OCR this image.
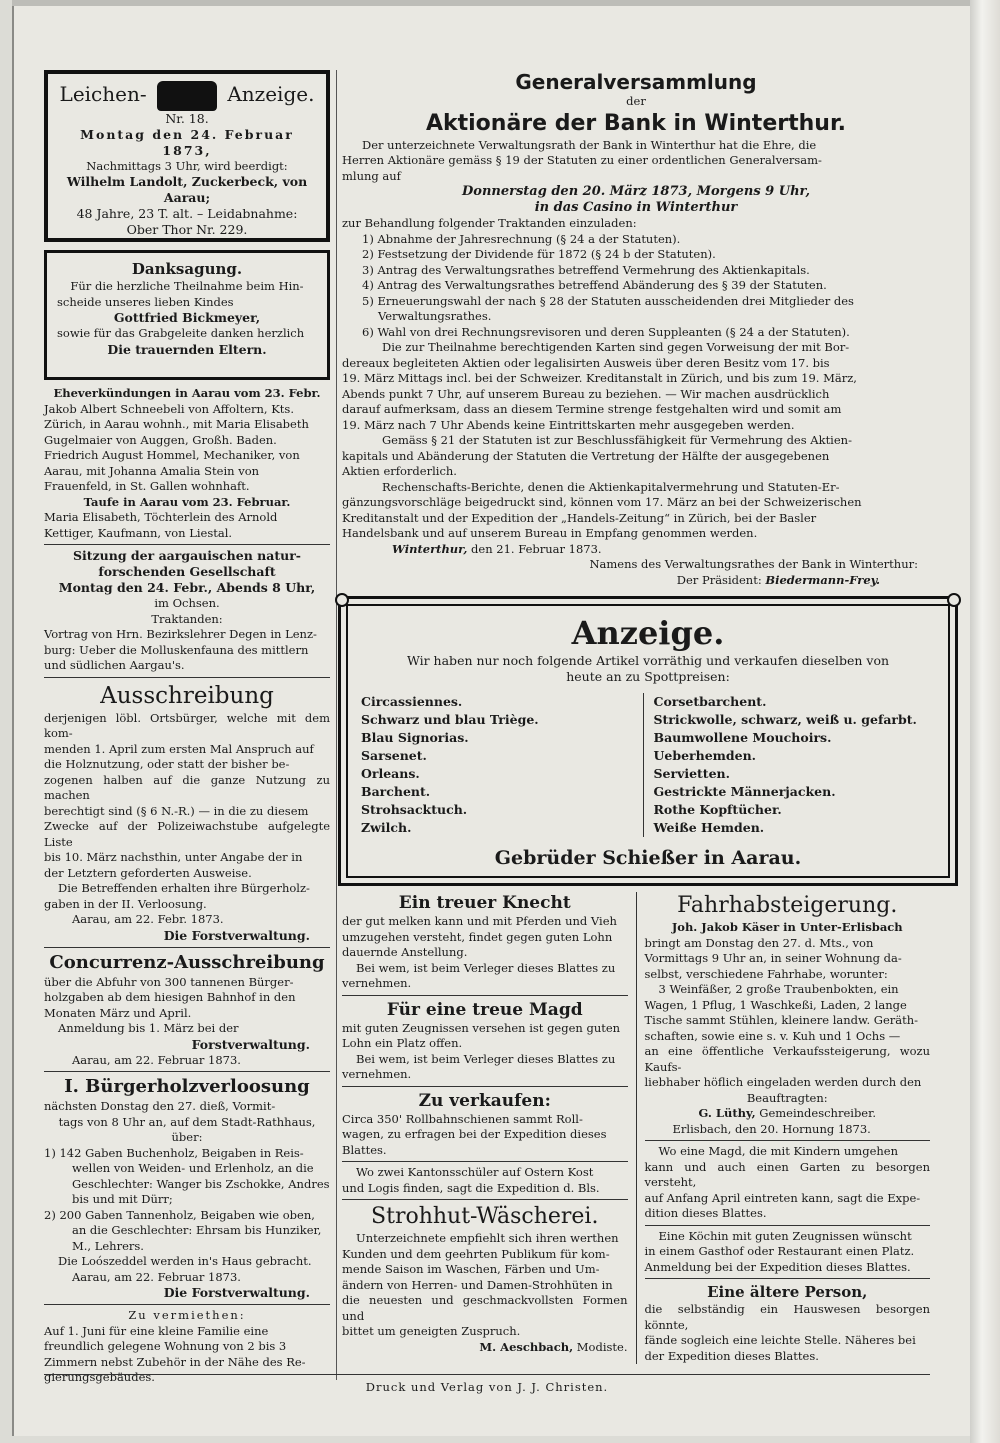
Leichen-	Anzeige.

Nr. 18.

Montag den 24. Februar 1873,

Nachmittags 3 Uhr, wird beerdigt:

Wilhelm Landolt, Zuckerbeck, von Aarau;

48 Jahre, 23 T. alt. – Leidabnahme:

Ober Thor Nr. 229.

Danksagung.

Für die herzliche Theilnahme beim Hin-

scheide unseres lieben Kindes

Gottfried Bickmeyer,

sowie für das Grabgeleite danken herzlich

Die trauernden Eltern.

Eheverkündungen in Aarau vom 23. Febr.

Jakob Albert Schneebeli von Affoltern, Kts.

Zürich, in Aarau wohnh., mit Maria Elisabeth

Gugelmaier von Auggen, Großh. Baden.

Friedrich August Hommel, Mechaniker, von

Aarau, mit Johanna Amalia Stein von

Frauenfeld, in St. Gallen wohnhaft.

Taufe in Aarau vom 23. Februar.

Maria Elisabeth, Töchterlein des Arnold

Kettiger, Kaufmann, von Liestal.

Sitzung der aargauischen natur-

forschenden Gesellschaft

Montag den 24. Febr., Abends 8 Uhr,

im Ochsen.

Traktanden:

Vortrag von Hrn. Bezirkslehrer Degen in Lenz-

burg: Ueber die Molluskenfauna des mittlern

und südlichen Aargau's.

Ausschreibung

derjenigen löbl. Ortsbürger, welche mit dem kom-

menden 1. April zum ersten Mal Anspruch auf

die Holznutzung, oder statt der bisher be-

zogenen halben auf die ganze Nutzung zu machen

berechtigt sind (§ 6 N.-R.) — in die zu diesem

Zwecke auf der Polizeiwachstube aufgelegte Liste

bis 10. März nachsthin, unter Angabe der in

der Letztern geforderten Ausweise.

Die Betreffenden erhalten ihre Bürgerholz-

gaben in der II. Verloosung.

Aarau, am 22. Febr. 1873.

Die Forstverwaltung.

Concurrenz-Ausschreibung

über die Abfuhr von 300 tannenen Bürger-

holzgaben ab dem hiesigen Bahnhof in den

Monaten März und April.

Anmeldung bis 1. März bei der

Forstverwaltung.

Aarau, am 22. Februar 1873.

I. Bürgerholzverloosung

nächsten Donstag den 27. dieß, Vormit-

tags von 8 Uhr an, auf dem Stadt-Rathhaus,

über:

1) 142 Gaben Buchenholz, Beigaben in Reis-

wellen von Weiden- und Erlenholz, an die

Geschlechter: Wanger bis Zschokke, Andres

bis und mit Dürr;

2) 200 Gaben Tannenholz, Beigaben wie oben,

an die Geschlechter: Ehrsam bis Hunziker,

M., Lehrers.

Die Loószeddel werden in's Haus gebracht.

Aarau, am 22. Februar 1873.

Die Forstverwaltung.

Zu vermiethen:

Auf 1. Juni für eine kleine Familie eine

freundlich gelegene Wohnung von 2 bis 3

Zimmern nebst Zubehör in der Nähe des Re-

gierungsgebäudes.

Generalversammlung

der

Aktionäre der Bank in Winterthur.

Der unterzeichnete Verwaltungsrath der Bank in Winterthur hat die Ehre, die

Herren Aktionäre gemäss § 19 der Statuten zu einer ordentlichen Generalversam-

mlung auf

Donnerstag den 20. März 1873, Morgens 9 Uhr,

in das Casino in Winterthur

zur Behandlung folgender Traktanden einzuladen:

1) Abnahme der Jahresrechnung (§ 24 a der Statuten).

2) Festsetzung der Dividende für 1872 (§ 24 b der Statuten).

3) Antrag des Verwaltungsrathes betreffend Vermehrung des Aktienkapitals.

4) Antrag des Verwaltungsrathes betreffend Abänderung des § 39 der Statuten.

5) Erneuerungswahl der nach § 28 der Statuten ausscheidenden drei Mitglieder des

Verwaltungsrathes.

6) Wahl von drei Rechnungsrevisoren und deren Suppleanten (§ 24 a der Statuten).

Die zur Theilnahme berechtigenden Karten sind gegen Vorweisung der mit Bor-

dereaux begleiteten Aktien oder legalisirten Ausweis über deren Besitz vom 17. bis

19. März Mittags incl. bei der Schweizer. Kreditanstalt in Zürich, und bis zum 19. März,

Abends punkt 7 Uhr, auf unserem Bureau zu beziehen. — Wir machen ausdrücklich

darauf aufmerksam, dass an diesem Termine strenge festgehalten wird und somit am

19. März nach 7 Uhr Abends keine Eintrittskarten mehr ausgegeben werden.

Gemäss § 21 der Statuten ist zur Beschlussfähigkeit für Vermehrung des Aktien-

kapitals und Abänderung der Statuten die Vertretung der Hälfte der ausgegebenen

Aktien erforderlich.

Rechenschafts-Berichte, denen die Aktienkapitalvermehrung und Statuten-Er-

gänzungsvorschläge beigedruckt sind, können vom 17. März an bei der Schweizerischen

Kreditanstalt und der Expedition der „Handels-Zeitung“ in Zürich, bei der Basler

Handelsbank und auf unserem Bureau in Empfang genommen werden.

Winterthur, den 21. Februar 1873.

Namens des Verwaltungsrathes der Bank in Winterthur:

Der Präsident: Biedermann-Frey.

Anzeige.

Wir haben nur noch folgende Artikel vorräthig und verkaufen dieselben von

heute an zu Spottpreisen:

Circassiennes.

Schwarz und blau Triège.

Blau Signorias.

Sarsenet.

Orleans.

Barchent.

Strohsacktuch.

Zwilch.

Corsetbarchent.

Strickwolle, schwarz, weiß u. gefarbt.

Baumwollene Mouchoirs.

Ueberhemden.

Servietten.

Gestrickte Männerjacken.

Rothe Kopftücher.

Weiße Hemden.

Gebrüder Schießer in Aarau.

Ein treuer Knecht

der gut melken kann und mit Pferden und Vieh

umzugehen versteht, findet gegen guten Lohn

dauernde Anstellung.

Bei wem, ist beim Verleger dieses Blattes zu

vernehmen.

Für eine treue Magd

mit guten Zeugnissen versehen ist gegen guten

Lohn ein Platz offen.

Bei wem, ist beim Verleger dieses Blattes zu

vernehmen.

Zu verkaufen:

Circa 350' Rollbahnschienen sammt Roll-

wagen, zu erfragen bei der Expedition dieses

Blattes.

Wo zwei Kantonsschüler auf Ostern Kost

und Logis finden, sagt die Expedition d. Bls.

Strohhut-Wäscherei.

Unterzeichnete empfiehlt sich ihren werthen

Kunden und dem geehrten Publikum für kom-

mende Saison im Waschen, Färben und Um-

ändern von Herren- und Damen-Strohhüten in

die neuesten und geschmackvollsten Formen und

bittet um geneigten Zuspruch.

M. Aeschbach, Modiste.

Fahrhabsteigerung.

Joh. Jakob Käser in Unter-Erlisbach

bringt am Donstag den 27. d. Mts., von

Vormittags 9 Uhr an, in seiner Wohnung da-

selbst, verschiedene Fahrhabe, worunter:

3 Weinfäßer, 2 große Traubenbokten, ein

Wagen, 1 Pflug, 1 Waschkeßi, Laden, 2 lange

Tische sammt Stühlen, kleinere landw. Geräth-

schaften, sowie eine s. v. Kuh und 1 Ochs —

an eine öffentliche Verkaufssteigerung, wozu Kaufs-

liebhaber höflich eingeladen werden durch den

Beauftragten:

G. Lüthy, Gemeindeschreiber.

Erlisbach, den 20. Hornung 1873.

Wo eine Magd, die mit Kindern umgehen

kann und auch einen Garten zu besorgen versteht,

auf Anfang April eintreten kann, sagt die Expe-

dition dieses Blattes.

Eine Köchin mit guten Zeugnissen wünscht

in einem Gasthof oder Restaurant einen Platz.

Anmeldung bei der Expedition dieses Blattes.

Eine ältere Person,

die selbständig ein Hauswesen besorgen könnte,

fände sogleich eine leichte Stelle. Näheres bei

der Expedition dieses Blattes.

Druck und Verlag von J. J. Christen.
